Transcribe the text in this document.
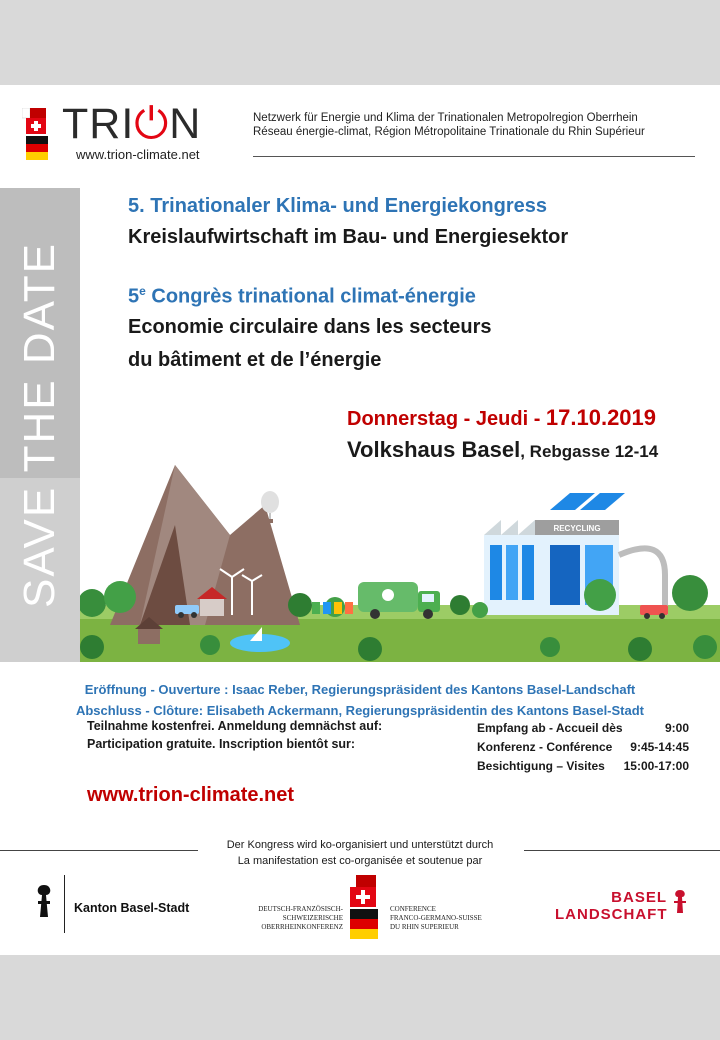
TRI⏻N
www.trion-climate.net
Netzwerk für Energie und Klima der Trinationalen Metropolregion Oberrhein
Réseau énergie-climat, Région Métropolitaine Trinationale du Rhin Supérieur
SAVE THE DATE
5. Trinationaler Klima- und Energiekongress
Kreislaufwirtschaft im Bau- und Energiesektor
5e Congrès trinational climat-énergie
Economie circulaire dans les secteurs
du bâtiment et de l’énergie
Donnerstag - Jeudi - 17.10.2019
Volkshaus Basel, Rebgasse 12-14
RECYCLING
Eröffnung - Ouverture : Isaac Reber, Regierungspräsident des Kantons Basel-Landschaft
Abschluss - Clôture: Elisabeth Ackermann, Regierungspräsidentin des Kantons Basel-Stadt
Teilnahme kostenfrei. Anmeldung demnächst auf:
Participation gratuite. Inscription bientôt sur:
www.trion-climate.net
Empfang ab - Accueil dès	9:00
Konferenz - Conférence 9:45-14:45
Besichtigung – Visites 15:00-17:00
Der Kongress wird ko-organisiert und unterstützt durch
La manifestation est co-organisée et soutenue par
Kanton Basel-Stadt	DEUTSCH-FRANZÖSISCH-
SCHWEIZERISCHE
OBERRHEINKONFERENZ
CONFERENCE
FRANCO-GERMANO-SUISSE
DU RHIN SUPERIEUR
BASEL
LANDSCHAFT
